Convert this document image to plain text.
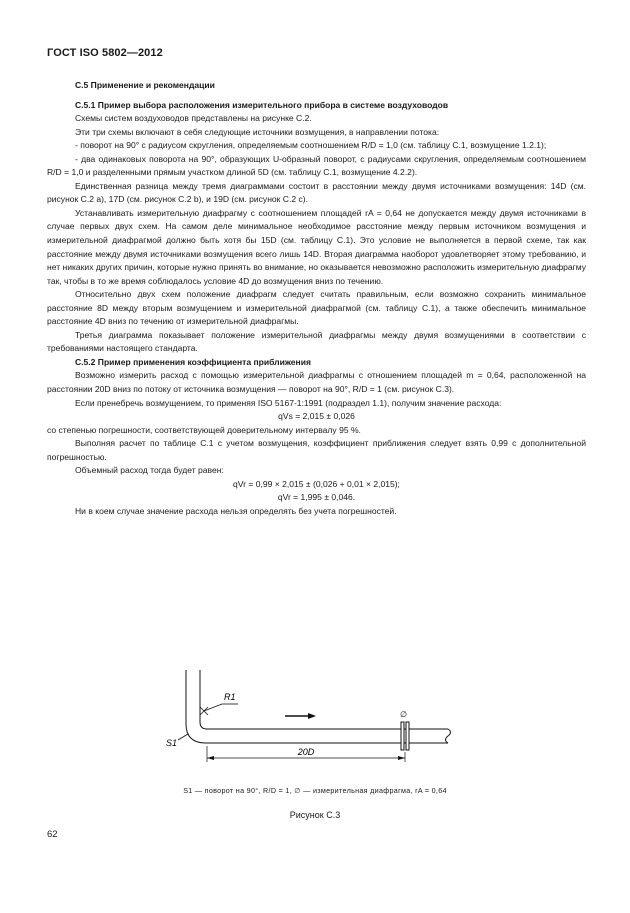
ГОСТ ISO 5802—2012

С.5 Применение и рекомендации

С.5.1 Пример выбора расположения измерительного прибора в системе воздуховодов

Схемы систем воздуховодов представлены на рисунке С.2.

Эти три схемы включают в себя следующие источники возмущения, в направлении потока:

- поворот на 90° с радиусом скругления, определяемым соотношением R/D = 1,0 (см. таблицу С.1, возмущение 1.2.1);

- два одинаковых поворота на 90°, образующих U-образный поворот, с радиусами скругления, определяемым соотношением R/D = 1,0 и разделенными прямым участком длиной 5D (см. таблицу С.1, возмущение 4.2.2).

Единственная разница между тремя диаграммами состоит в расстоянии между двумя источниками возмущения: 14D (см. рисунок С.2 а), 17D (см. рисунок С.2 b), и 19D (см. рисунок С.2 с).

Устанавливать измерительную диафрагму с соотношением площадей rA = 0,64 не допускается между двумя источниками в случае первых двух схем. На самом деле минимальное необходимое расстояние между первым источником возмущения и измерительной диафрагмой должно быть хотя бы 15D (см. таблицу С.1). Это условие не выполняется в первой схеме, так как расстояние между двумя источниками возмущения всего лишь 14D. Вторая диаграмма наоборот удовлетворяет этому требованию, и нет никаких других причин, которые нужно принять во внимание, но оказывается невозможно расположить измерительную диафрагму так, чтобы в то же время соблюдалось условие 4D до возмущения вниз по течению.

Относительно двух схем положение диафрагм следует считать правильным, если возможно сохранить минимальное расстояние 8D между вторым возмущением и измерительной диафрагмой (см. таблицу С.1), а также обеспечить минимальное расстояние 4D вниз по течению от измерительной диафрагмы.

Третья диаграмма показывает положение измерительной диафрагмы между двумя возмущениями в соответствии с требованиями настоящего стандарта.

С.5.2 Пример применения коэффициента приближения

Возможно измерить расход с помощью измерительной диафрагмы с отношением площадей m = 0,64, расположенной на расстоянии 20D вниз по потоку от источника возмущения — поворот на 90°, R/D = 1 (см. рисунок С.3).

Если пренебречь возмущением, то применяя ISO 5167-1:1991 (подраздел 1.1), получим значение расхода:

qVs = 2,015 ± 0,026

со степенью погрешности, соответствующей доверительному интервалу 95 %.

Выполняя расчет по таблице С.1 с учетом возмущения, коэффициент приближения следует взять 0,99 с дополнительной погрешностью.

Объемный расход тогда будет равен:

qVr = 0,99 × 2,015 ± (0,026 + 0,01 × 2,015);

qVr = 1,995 ± 0,046.

Ни в коем случае значение расхода нельзя определять без учета погрешностей.

R1
S1
20D
∅
S1 — поворот на 90°, R/D = 1, ∅ — измерительная диафрагма, rA = 0,64
Рисунок С.3
62
